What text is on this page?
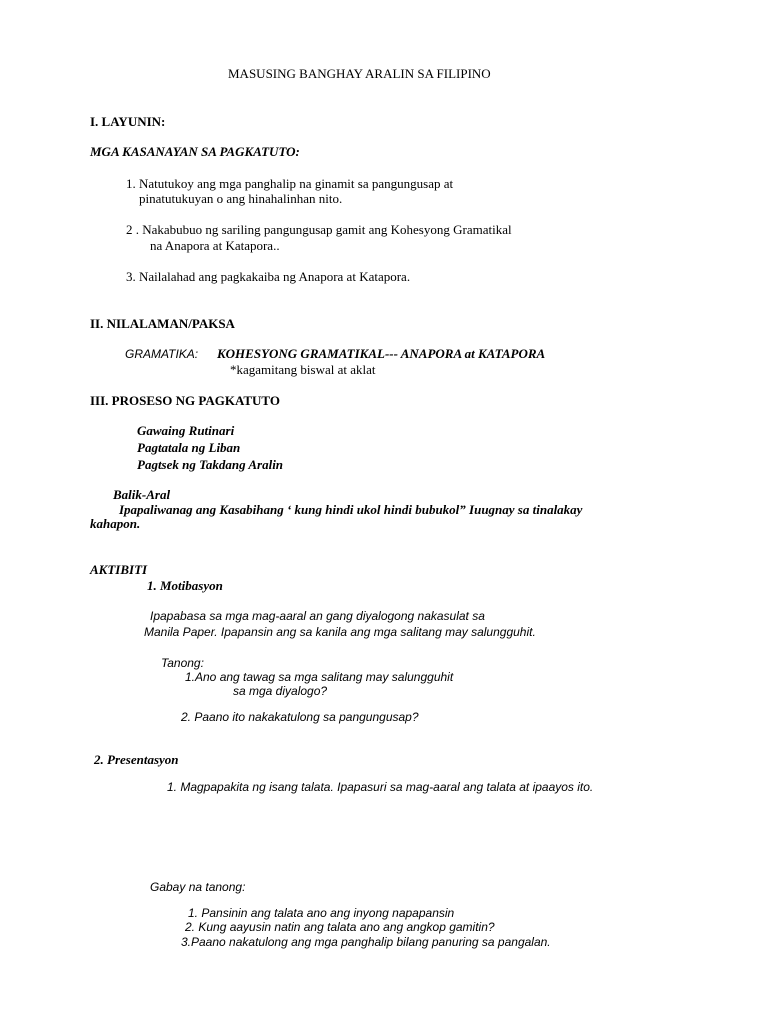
MASUSING BANGHAY ARALIN SA FILIPINO
I. LAYUNIN:
MGA KASANAYAN SA PAGKATUTO:
1. Natutukoy ang mga panghalip na ginamit sa pangungusap at
pinatutukuyan o ang hinahalinhan nito.
2 . Nakabubuo ng sariling pangungusap gamit ang Kohesyong Gramatikal
na Anapora at Katapora..
3. Nailalahad ang pagkakaiba ng Anapora at Katapora.
II. NILALAMAN/PAKSA
GRAMATIKA: KOHESYONG GRAMATIKAL--- ANAPORA at KATAPORA
*kagamitang biswal at aklat
III. PROSESO NG PAGKATUTO
Gawaing Rutinari
Pagtatala ng Liban
Pagtsek ng Takdang Aralin
Balik-Aral
Ipapaliwanag ang Kasabihang ‘ kung hindi ukol hindi bubukol” Iuugnay sa tinalakay
kahapon.
AKTIBITI
1. Motibasyon
Ipapabasa sa mga mag-aaral an gang diyalogong nakasulat sa
Manila Paper. Ipapansin ang sa kanila ang mga salitang may salungguhit.
Tanong:
1.Ano ang tawag sa mga salitang may salungguhit
sa mga diyalogo?
2. Paano ito nakakatulong sa pangungusap?
2. Presentasyon
1. Magpapakita ng isang talata. Ipapasuri sa mag-aaral ang talata at ipaayos ito.
Gabay na tanong:
1. Pansinin ang talata ano ang inyong napapansin
2. Kung aayusin natin ang talata ano ang angkop gamitin?
3.Paano nakatulong ang mga panghalip bilang panuring sa pangalan.
